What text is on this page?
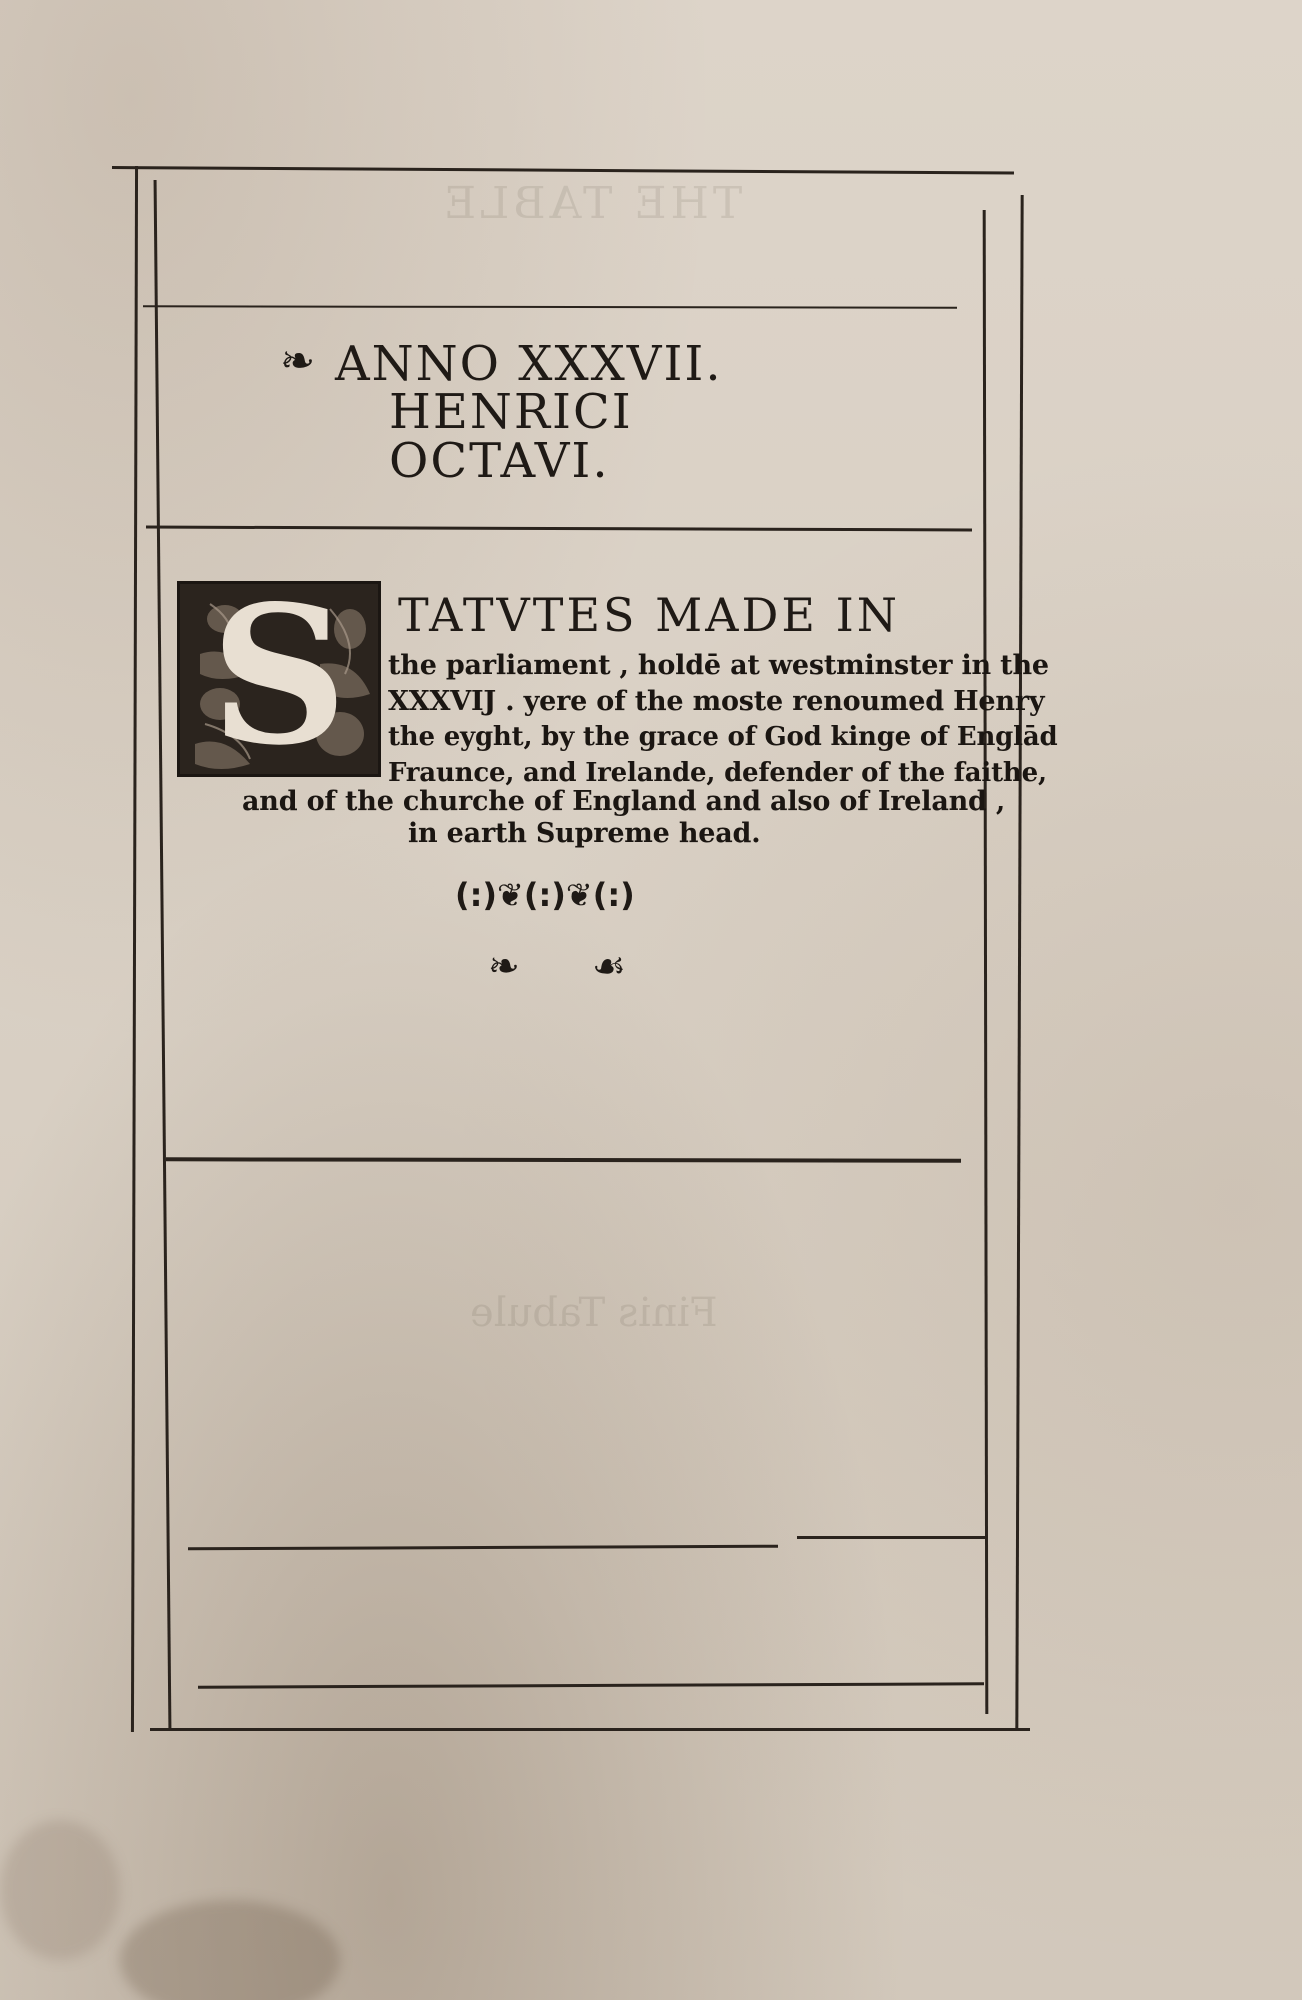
THE TABLE
Finis Tabule
❧ ANNO XXXVII.
HENRICI
OCTAVI.
S	TATVTES MADE IN
the parliament , holdē at westminster in the
XXXVIJ . yere of the moste renoumed Henry
the eyght, by the grace of God kinge of Englād
Fraunce, and Irelande, defender of the faithe,
and of the churche of England and also of Ireland ,
in earth Supreme head.
(:)❦(:)❦(:)
❧ ☙
